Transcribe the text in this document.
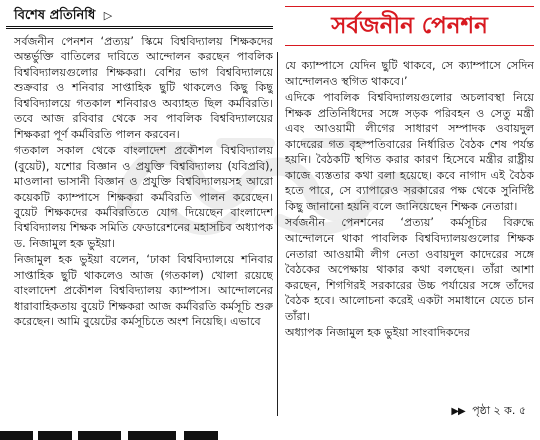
বিশেষ প্রতিনিধি ▷

সর্বজনীন পেনশন ‘প্রত্যয়’ স্কিমে বিশ্ববিদ্যালয় শিক্ষকদের অন্তর্ভুক্তি বাতিলের দাবিতে আন্দোলন করছেন পাবলিক বিশ্ববিদ্যালয়গুলোর শিক্ষকরা। বেশির ভাগ বিশ্ববিদ্যালয়ে শুক্রবার ও শনিবার সাপ্তাহিক ছুটি থাকলেও কিছু কিছু বিশ্ববিদ্যালয়ে গতকাল শনিবারও অব্যাহত ছিল কর্মবিরতি। তবে আজ রবিবার থেকে সব পাবলিক বিশ্ববিদ্যালয়ের শিক্ষকরা পূর্ণ কর্মবিরতি পালন করবেন।

গতকাল সকাল থেকে বাংলাদেশ প্রকৌশল বিশ্ববিদ্যালয় (বুয়েট), যশোর বিজ্ঞান ও প্রযুক্তি বিশ্ববিদ্যালয় (যবিপ্রবি), মাওলানা ভাসানী বিজ্ঞান ও প্রযুক্তি বিশ্ববিদ্যালয়সহ আরো কয়েকটি ক্যাম্পাসে শিক্ষকরা কর্মবিরতি পালন করেছেন। বুয়েট শিক্ষকদের কর্মবিরতিতে যোগ দিয়েছেন বাংলাদেশ বিশ্ববিদ্যালয় শিক্ষক সমিতি ফেডারেশনের মহাসচিব অধ্যাপক ড. নিজামুল হক ভুইয়া।

নিজামুল হক ভুইয়া বলেন, ‘ঢাকা বিশ্ববিদ্যালয়ে শনিবার সাপ্তাহিক ছুটি থাকলেও আজ (গতকাল) খোলা রয়েছে বাংলাদেশ প্রকৌশল বিশ্ববিদ্যালয় ক্যাম্পাস। আন্দোলনের ধারাবাহিকতায় বুয়েট শিক্ষকরা আজ কর্মবিরতি কর্মসূচি শুরু করেছেন। আমি বুয়েটের কর্মসূচিতে অংশ নিয়েছি। এভাবে

সর্বজনীন পেনশন

যে ক্যাম্পাসে যেদিন ছুটি থাকবে, সে ক্যাম্পাসে সেদিন আন্দোলনও স্থগিত থাকবে।’

এদিকে পাবলিক বিশ্ববিদ্যালয়গুলোর অচলাবস্থা নিয়ে শিক্ষক প্রতিনিধিদের সঙ্গে সড়ক পরিবহন ও সেতু মন্ত্রী এবং আওয়ামী লীগের সাধারণ সম্পাদক ওবায়দুল কাদেরের গত বৃহস্পতিবারের নির্ধারিত বৈঠক শেষ পর্যন্ত হয়নি। বৈঠকটি স্থগিত করার কারণ হিসেবে মন্ত্রীর রাষ্ট্রীয় কাজে ব্যস্ততার কথা বলা হয়েছে। কবে নাগাদ এই বৈঠক হতে পারে, সে ব্যাপারেও সরকারের পক্ষ থেকে সুনির্দিষ্ট কিছু জানানো হয়নি বলে জানিয়েছেন শিক্ষক নেতারা।

সর্বজনীন পেনশনের ‘প্রত্যয়’ কর্মসূচির বিরুদ্ধে আন্দোলনে থাকা পাবলিক বিশ্ববিদ্যালয়গুলোর শিক্ষক নেতারা আওয়ামী লীগ নেতা ওবায়দুল কাদেরের সঙ্গে বৈঠকের অপেক্ষায় থাকার কথা বলছেন। তাঁরা আশা করছেন, শিগগিরই সরকারের উচ্চ পর্যায়ের সঙ্গে তাঁদের বৈঠক হবে। আলোচনা করেই একটা সমাধানে যেতে চান তাঁরা।

অধ্যাপক নিজামুল হক ভুইয়া সাংবাদিকদের

▶▶ পৃষ্ঠা ২ ক. ৫
